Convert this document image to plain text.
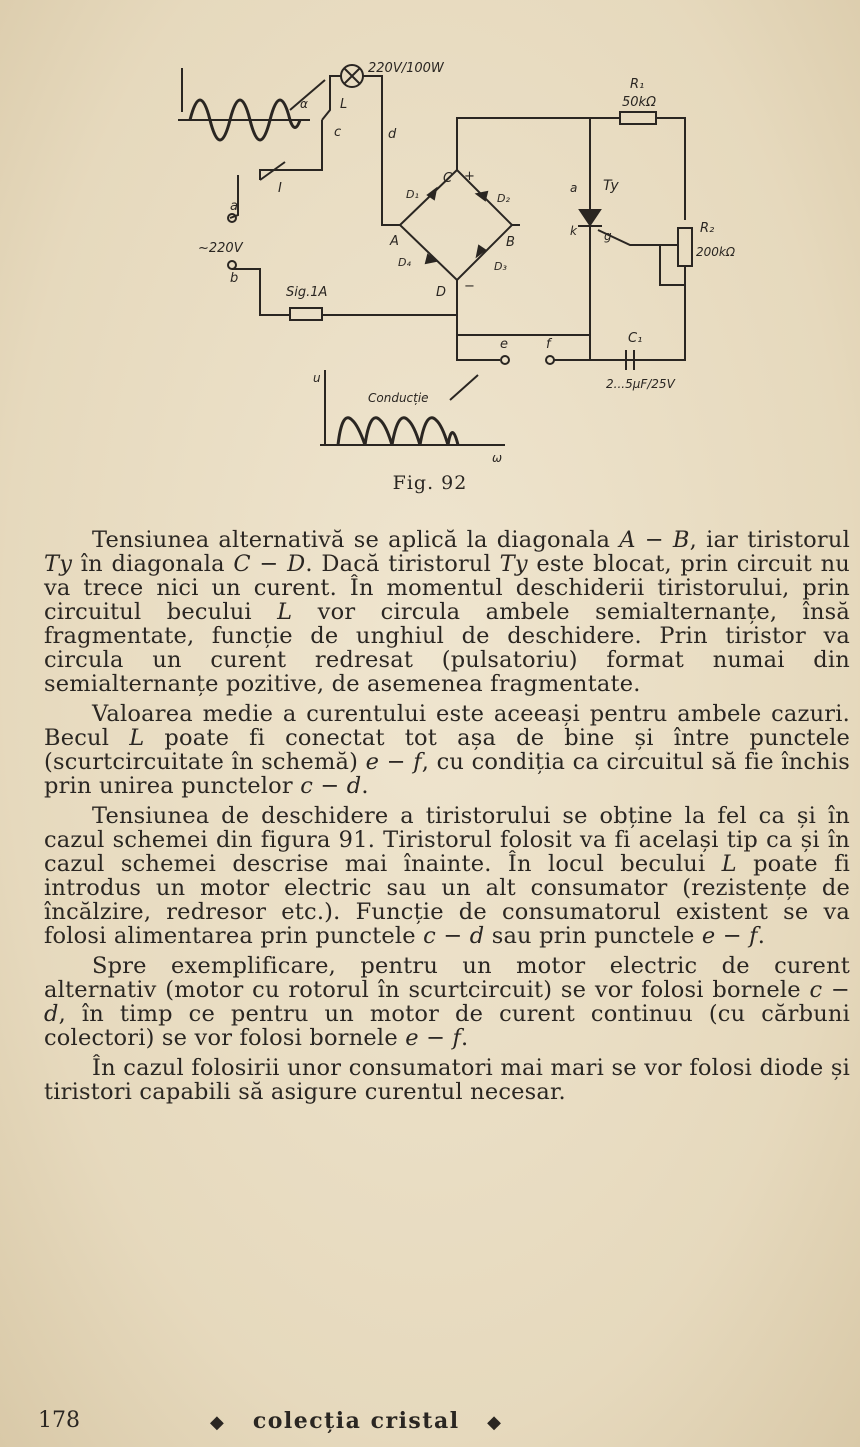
220V/100W
R₁
50kΩ
R₂
200kΩ
Ty
a
k g
L
I
~220V
Sig.1A
C₁
2...5μF/25V
a
b
c	d
e	f
A	B
C
D
D₁	D₂
D₃
D₄
+
−
u
ω
Conducție
α
Fig. 92

Tensiunea alternativă se aplică la diagonala A − B, iar tiristorul Ty în diagonala C − D. Dacă tiristorul Ty este blocat, prin circuit nu va trece nici un curent. În momentul deschiderii tiristorului, prin circuitul becului L vor circula ambele semialternanțe, însă fragmentate, funcție de unghiul de deschidere. Prin tiristor va circula un curent redresat (pulsatoriu) format numai din semialternanțe pozitive, de asemenea fragmentate.

Valoarea medie a curentului este aceeași pentru ambele cazuri. Becul L poate fi conectat tot așa de bine și între punctele (scurtcircuitate în schemă) e − f, cu condiția ca circuitul să fie închis prin unirea punctelor c − d.

Tensiunea de deschidere a tiristorului se obține la fel ca și în cazul schemei din figura 91. Tiristorul folosit va fi același tip ca și în cazul schemei descrise mai înainte. În locul becului L poate fi introdus un motor electric sau un alt consumator (rezistențe de încălzire, redresor etc.). Funcție de consumatorul existent se va folosi alimentarea prin punctele c − d sau prin punctele e − f.

Spre exemplificare, pentru un motor electric de curent alternativ (motor cu rotorul în scurtcircuit) se vor folosi bornele c − d, în timp ce pentru un motor de curent continuu (cu cărbuni colectori) se vor folosi bornele e − f.

În cazul folosirii unor consumatori mai mari se vor folosi diode și tiristori capabili să asigure curentul necesar.

178	◆ colecția cristal ◆
